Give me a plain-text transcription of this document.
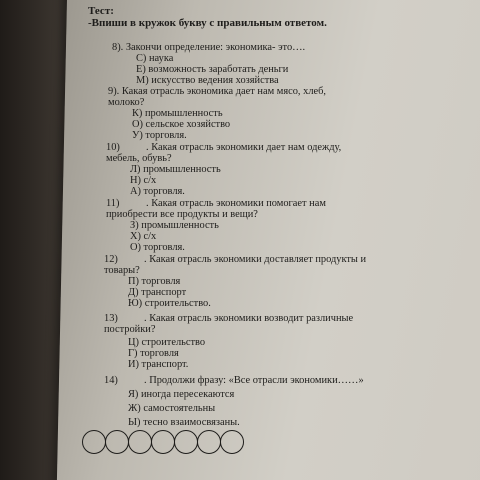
Тест:
-Впиши в кружок букву с правильным ответом.
8). Закончи определение: экономика- это….
С) наука
Е) возможность заработать деньги
М) искусство ведения хозяйства
9). Какая отрасль экономика дает нам мясо, хлеб,
молоко?
К) промышленность
О) сельское хозяйство
У) торговля.
10)	. Какая отрасль экономики дает нам одежду,
мебель, обувь?
Л) промышленность
Н) с/х
А) торговля.
11)	. Какая отрасль экономики помогает нам
приобрести все продукты и вещи?
З) промышленность
Х) с/х
О) торговля.
12)	. Какая отрасль экономики доставляет продукты и
товары?
П) торговля
Д) транспорт
Ю) строительство.
13)	. Какая отрасль экономики возводит различные
постройки?
Ц) строительство
Г) торговля
И) транспорт.
14)	. Продолжи фразу: «Все отрасли экономики……»
Я) иногда пересекаются
Ж) самостоятельны
Ы) тесно взаимосвязаны.
